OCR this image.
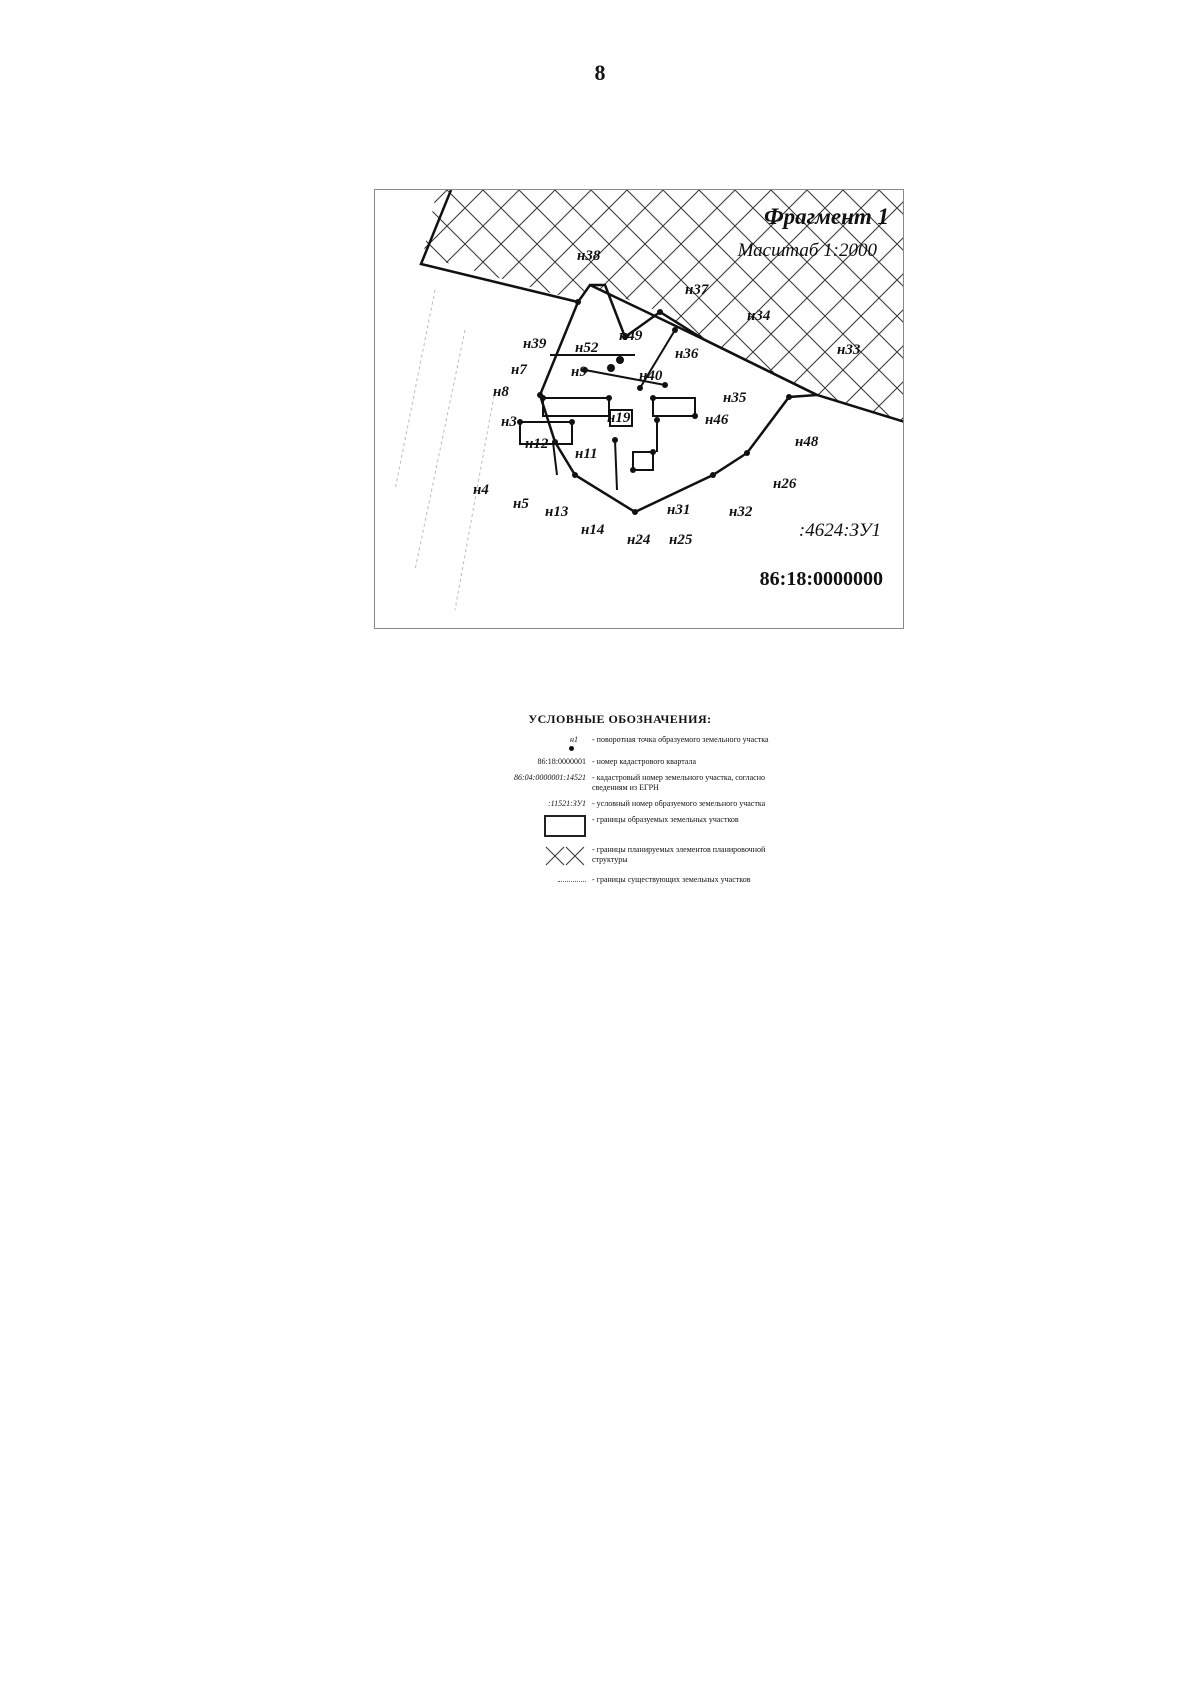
8
Фрагмент 1
Масштаб 1:2000
н38
н37
н34
н33
н39 н52
н49
н36
н7	н9	н40
н8	н35
н19	н46
н3
н48
н12
н11
н26
н4
н5 н13	н31	н32
н14
н24 н25	:4624:ЗУ1
86:18:0000000
УСЛОВНЫЕ ОБОЗНАЧЕНИЯ:
н1	- поворотная точка образуемого земельного участка
86:18:0000001 - номер кадастрового квартала
86:04:0000001:14521 - кадастровый номер земельного участка, согласно сведениям из ЕГРН
:11521:ЗУ1 - условный номер образуемого земельного участка
- границы образуемых земельных участков
- границы планируемых элементов планировочной структуры
- границы существующих земельных участков
